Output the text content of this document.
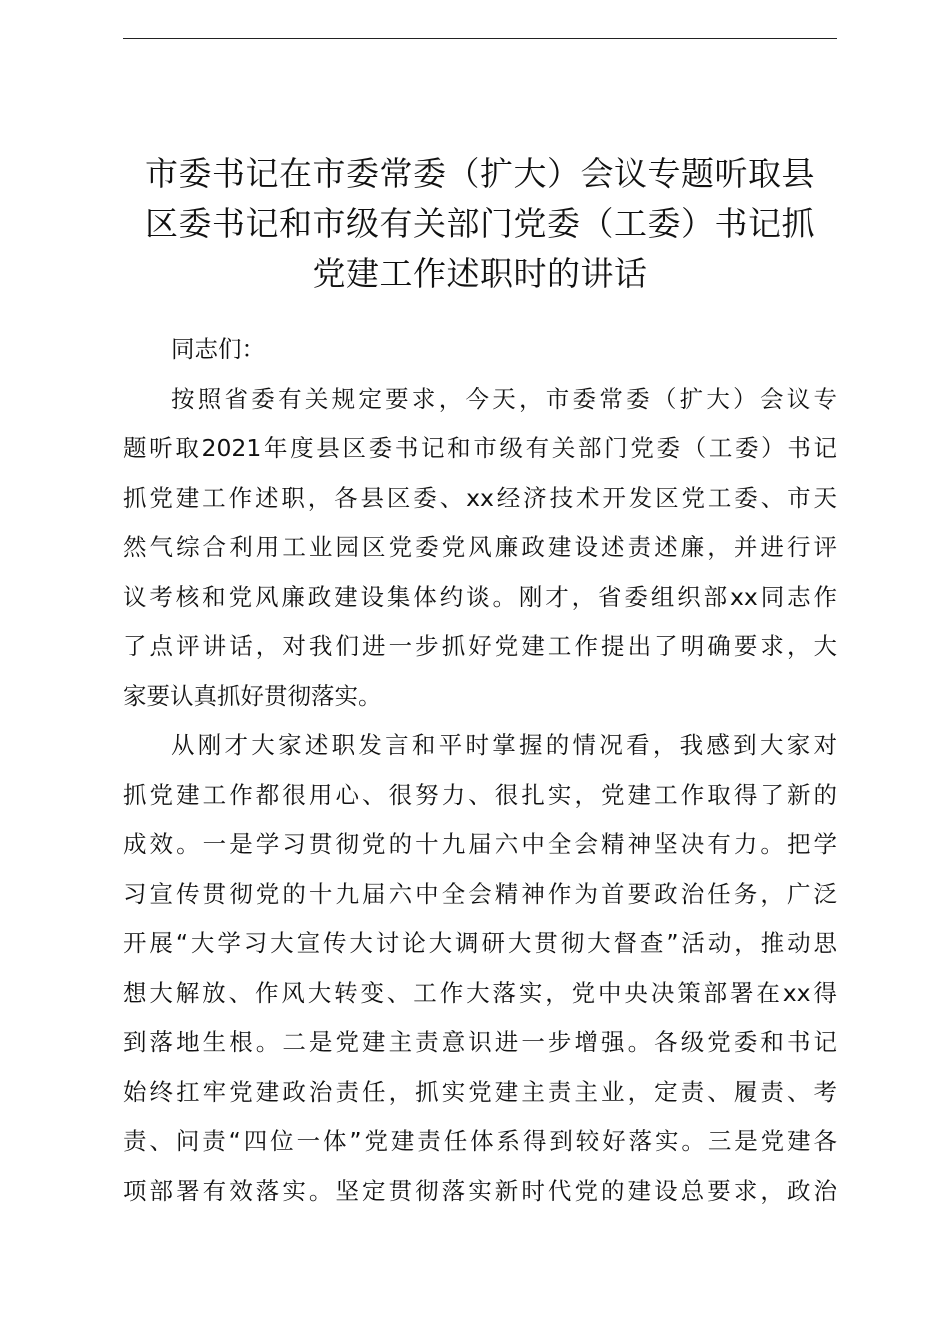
市委书记在市委常委（扩大）会议专题听取县
区委书记和市级有关部门党委（工委）书记抓
党建工作述职时的讲话

同志们：

按照省委有关规定要求，今天，市委常委（扩大）会议专
题听取2021年度县区委书记和市级有关部门党委（工委）书记
抓党建工作述职，各县区委、xx经济技术开发区党工委、市天
然气综合利用工业园区党委党风廉政建设述责述廉，并进行评
议考核和党风廉政建设集体约谈。刚才，省委组织部xx同志作
了点评讲话，对我们进一步抓好党建工作提出了明确要求，大
家要认真抓好贯彻落实。

从刚才大家述职发言和平时掌握的情况看，我感到大家对
抓党建工作都很用心、很努力、很扎实，党建工作取得了新的
成效。一是学习贯彻党的十九届六中全会精神坚决有力。把学
习宣传贯彻党的十九届六中全会精神作为首要政治任务，广泛
开展“大学习大宣传大讨论大调研大贯彻大督查”活动，推动思
想大解放、作风大转变、工作大落实，党中央决策部署在xx得
到落地生根。二是党建主责意识进一步增强。各级党委和书记
始终扛牢党建政治责任，抓实党建主责主业，定责、履责、考
责、问责“四位一体”党建责任体系得到较好落实。三是党建各
项部署有效落实。坚定贯彻落实新时代党的建设总要求，政治
